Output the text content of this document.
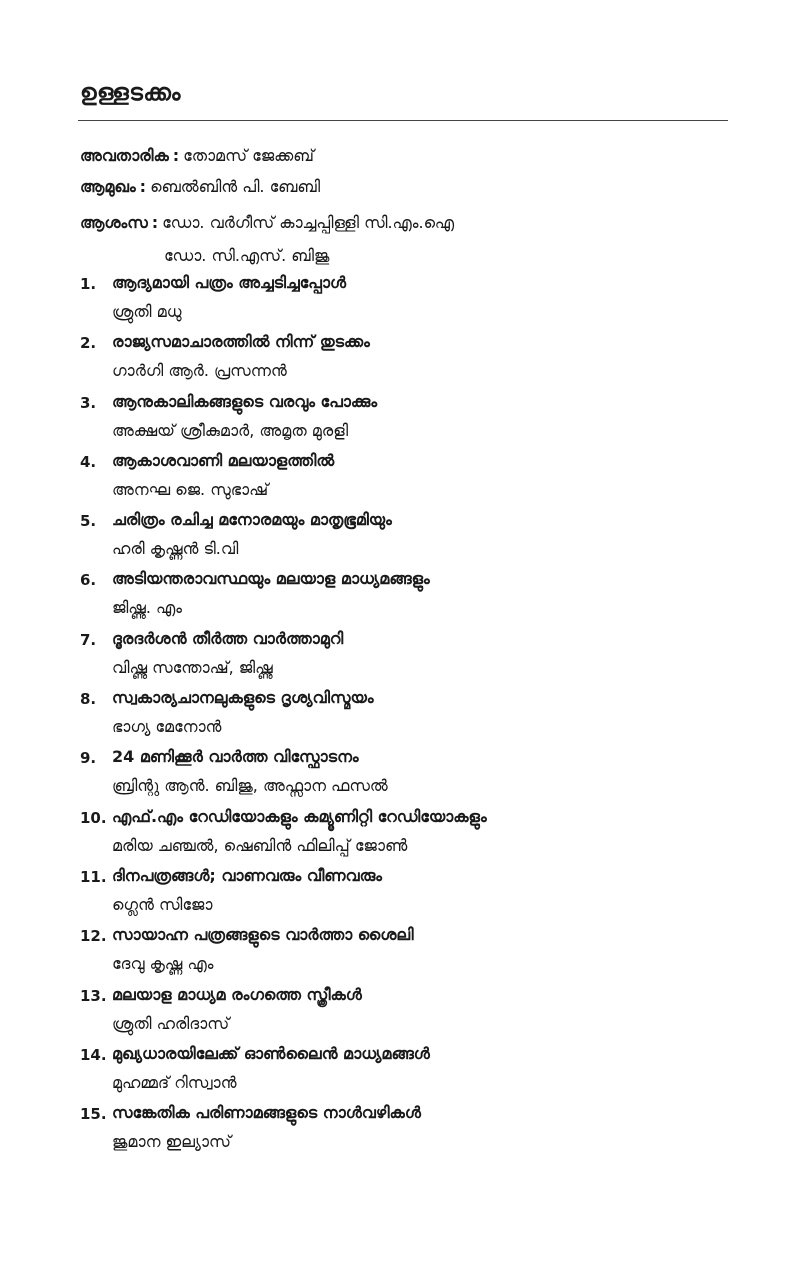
ഉള്ളടക്കം
അവതാരിക : തോമസ് ജേക്കബ്
ആമുഖം : ബെൽബിൻ പി. ബേബി
ആശംസ : ഡോ. വർഗീസ് കാച്ചപ്പിള്ളി സി.എം.ഐ
ഡോ. സി.എസ്. ബിജു
1. ആദ്യമായി പത്രം അച്ചടിച്ചപ്പോൾ
ശ്രുതി മധു
2. രാജ്യസമാചാരത്തിൽ നിന്ന് തുടക്കം
ഗാർഗി ആർ. പ്രസന്നൻ
3. ആനുകാലികങ്ങളുടെ വരവും പോക്കും
അക്ഷയ് ശ്രീകുമാർ, അമൃത മുരളി
4. ആകാശവാണി മലയാളത്തിൽ
അനഘ ജെ. സുഭാഷ്
5. ചരിത്രം രചിച്ച മനോരമയും മാതൃഭൂമിയും
ഹരി കൃഷ്ണൻ ടി.വി
6. അടിയന്തരാവസ്ഥയും മലയാള മാധ്യമങ്ങളും
ജിഷ്ണു. എം
7. ദൂരദർശൻ തീർത്ത വാർത്താമുറി
വിഷ്ണു സന്തോഷ്, ജിഷ്ണു
8. സ്വകാര്യചാനലുകളുടെ ദൃശ്യവിസ്മയം
ഭാഗ്യ മേനോൻ
9. 24 മണിക്കൂർ വാർത്ത വിസ്ഫോടനം
ബ്രിന്റു ആൻ. ബിജു, അഫ്സാന ഫസൽ
10. എഫ്.എം റേഡിയോകളും കമ്യൂണിറ്റി റേഡിയോകളും
മരിയ ചഞ്ചൽ, ഷെബിൻ ഫിലിപ്പ് ജോൺ
11. ദിനപത്രങ്ങൾ; വാണവരും വീണവരും
ഗ്ലെൻ സിജോ
12. സായാഹ്ന പത്രങ്ങളുടെ വാർത്താ ശൈലി
ദേവു കൃഷ്ണ എം
13. മലയാള മാധ്യമ രംഗത്തെ സ്ത്രീകൾ
ശ്രുതി ഹരിദാസ്
14. മുഖ്യധാരയിലേക്ക് ഓൺലൈൻ മാധ്യമങ്ങൾ
മുഹമ്മദ് റിസ്വാൻ
15. സങ്കേതിക പരിണാമങ്ങളുടെ നാൾവഴികൾ
ജുമാന ഇല്യാസ്
